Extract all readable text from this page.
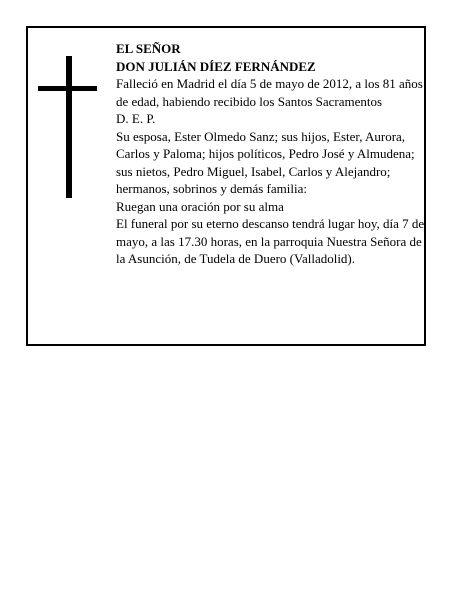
EL SEÑOR

DON JULIÁN DÍEZ FERNÁNDEZ

Falleció en Madrid el día 5 de mayo de 2012, a los 81 años de edad, habiendo recibido los Santos Sacramentos

D. E. P.

Su esposa, Ester Olmedo Sanz; sus hijos, Ester, Aurora, Carlos y Paloma; hijos políticos, Pedro José y Almudena; sus nietos, Pedro Miguel, Isabel, Carlos y Alejandro; hermanos, sobrinos y demás familia:

Ruegan una oración por su alma

El funeral por su eterno descanso tendrá lugar hoy, día 7 de mayo, a las 17.30 horas, en la parroquia Nuestra Señora de la Asunción, de Tudela de Duero (Valladolid).
